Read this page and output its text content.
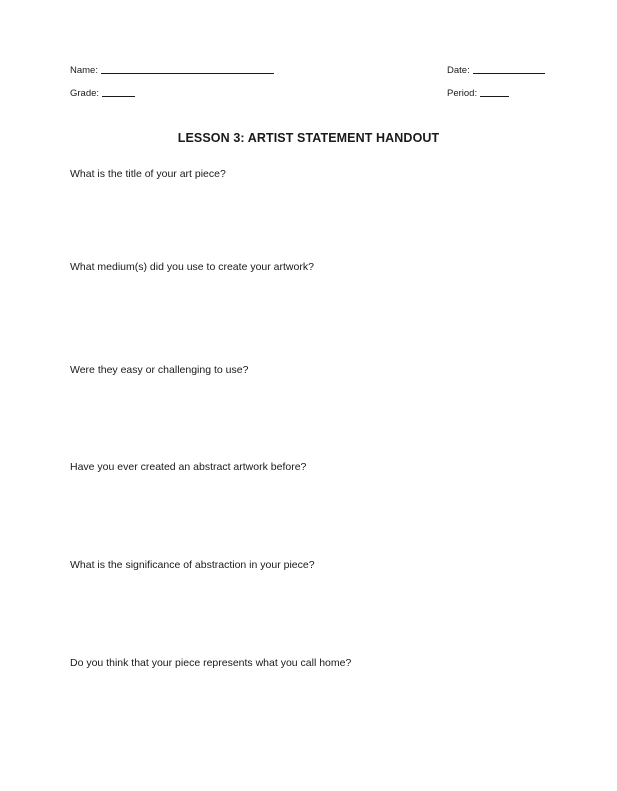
Name:	Date:
Grade:	Period:
LESSON 3: ARTIST STATEMENT HANDOUT
What is the title of your art piece?
What medium(s) did you use to create your artwork?
Were they easy or challenging to use?
Have you ever created an abstract artwork before?
What is the significance of abstraction in your piece?
Do you think that your piece represents what you call home?
